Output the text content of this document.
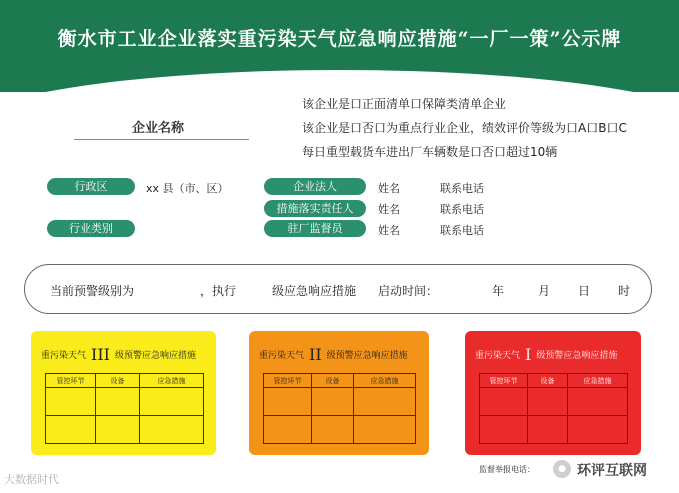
衡水市工业企业落实重污染天气应急响应措施“一厂一策”公示牌
企业名称
该企业是口正面清单口保障类清单企业
该企业是口否口为重点行业企业，绩效评价等级为口A口B口C
每日重型载货车进出厂车辆数是口否口超过10辆
行政区	xx 县（市、区）
行业类别
企业法人	姓名	联系电话
措施落实责任人	姓名	联系电话
驻厂监督员	姓名	联系电话
当前预警级别为	，执行	级应急响应措施 启动时间：	年	月 日 时
重污染天气 III 级预警应急响应措施
管控环节	设备	应急措施

重污染天气 II 级预警应急响应措施
管控环节	设备	应急措施

重污染天气 I 级预警应急响应措施
管控环节	设备	应急措施

大数据时代
监督举报电话：	● 环评互联网
